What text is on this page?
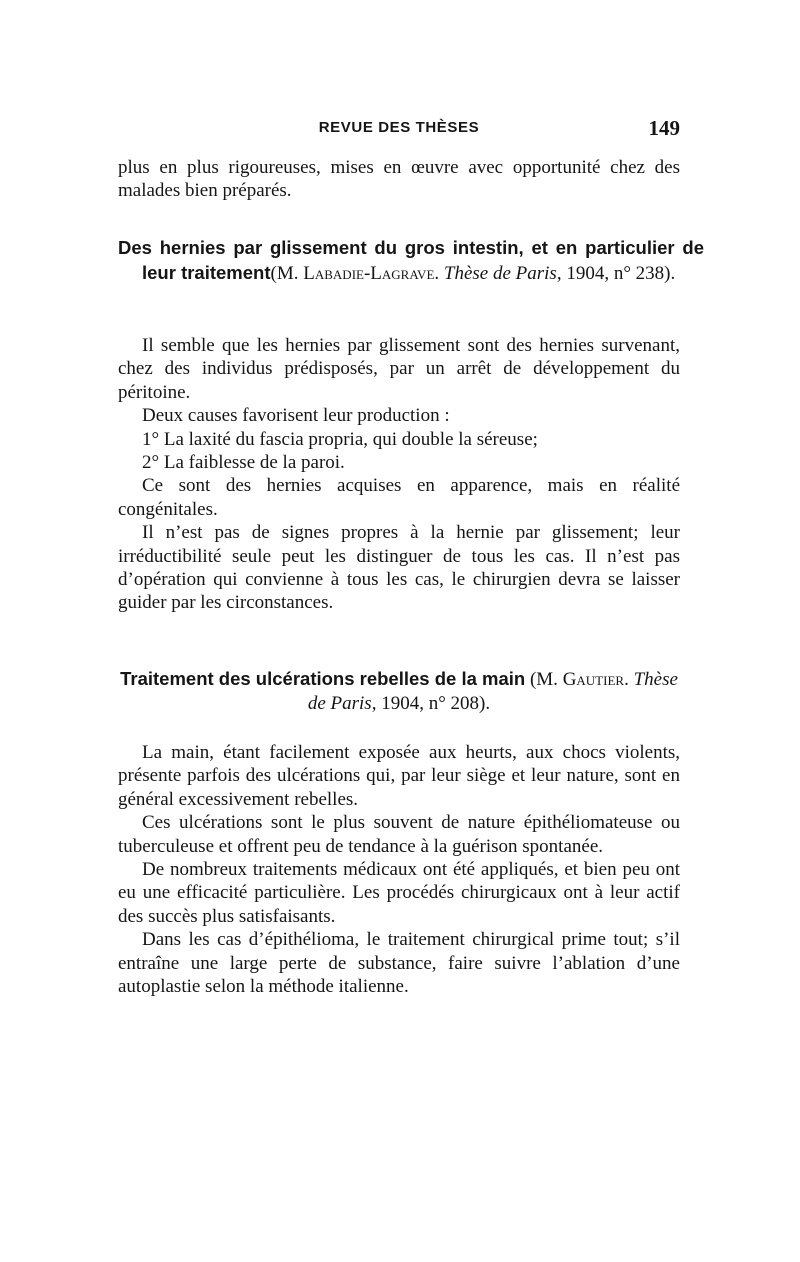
REVUE DES THÈSES	149

plus en plus rigoureuses, mises en œuvre avec opportunité chez des malades bien préparés.

Des hernies par glissement du gros intestin, et en particulier de leur traitement(M. Labadie-Lagrave. Thèse de Paris, 1904, n° 238).

Il semble que les hernies par glissement sont des hernies survenant, chez des individus prédisposés, par un arrêt de développement du péritoine.

Deux causes favorisent leur production :

1° La laxité du fascia propria, qui double la séreuse;

2° La faiblesse de la paroi.

Ce sont des hernies acquises en apparence, mais en réalité congénitales.

Il n’est pas de signes propres à la hernie par glissement; leur irréductibilité seule peut les distinguer de tous les cas. Il n’est pas d’opération qui convienne à tous les cas, le chirurgien devra se laisser guider par les circonstances.

Traitement des ulcérations rebelles de la main (M. Gautier. Thèse de Paris, 1904, n° 208).

La main, étant facilement exposée aux heurts, aux chocs violents, présente parfois des ulcérations qui, par leur siège et leur nature, sont en général excessivement rebelles.

Ces ulcérations sont le plus souvent de nature épithéliomateuse ou tuberculeuse et offrent peu de tendance à la guérison spontanée.

De nombreux traitements médicaux ont été appliqués, et bien peu ont eu une efficacité particulière. Les procédés chirurgicaux ont à leur actif des succès plus satisfaisants.

Dans les cas d’épithélioma, le traitement chirurgical prime tout; s’il entraîne une large perte de substance, faire suivre l’ablation d’une autoplastie selon la méthode italienne.
